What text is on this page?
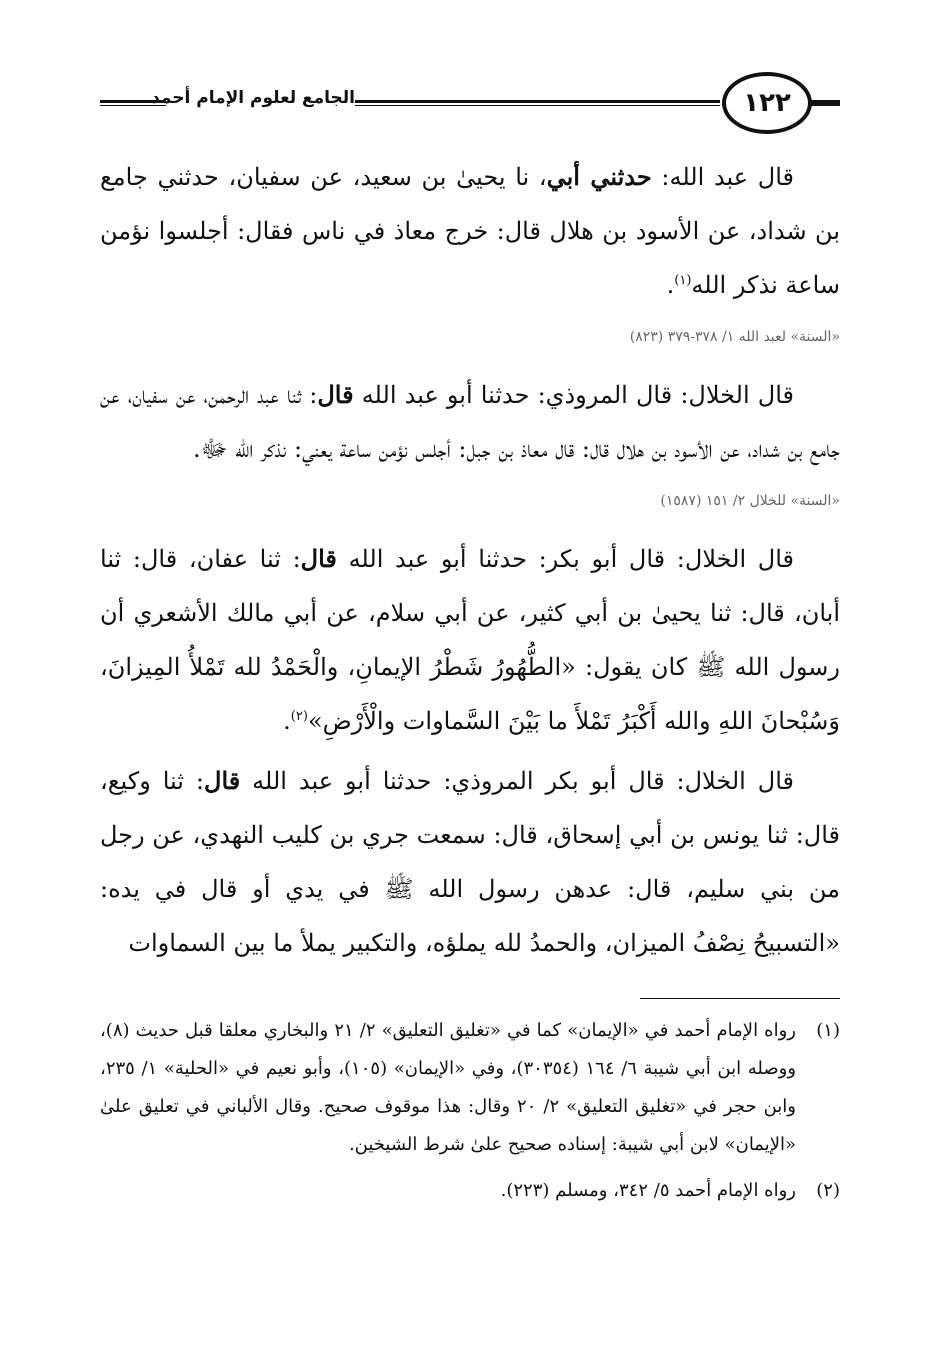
١٢٢
الجامع لعلوم الإمام أحمد

قال عبد الله: حدثني أبي، نا يحيىٰ بن سعيد، عن سفيان، حدثني جامع بن شداد، عن الأسود بن هلال قال: خرج معاذ في ناس فقال: أجلسوا نؤمن ساعة نذكر الله$^{(١)}$.

«السنة» لعبد الله ١/ ٣٧٨-٣٧٩ (٨٢٣)

قال الخلال: قال المروذي: حدثنا أبو عبد الله قال: ثنا عبد الرحمن، عن سفيان، عن جامع بن شداد، عن الأسود بن هلال قال: قال معاذ بن جبل: أجلس نؤمن ساعة يعني: نذكر الله ﷻ.

«السنة» للخلال ٢/ ١٥١ (١٥٨٧)

قال الخلال: قال أبو بكر: حدثنا أبو عبد الله قال: ثنا عفان، قال: ثنا أبان، قال: ثنا يحيىٰ بن أبي كثير، عن أبي سلام، عن أبي مالك الأشعري أن رسول الله ﷺ كان يقول: «الطُّهُورُ شَطْرُ الإيمانِ، والْحَمْدُ لله تَمْلأُ المِيزانَ، وَسُبْحانَ اللهِ والله أَكْبَرُ تَمْلأَ ما بَيْنَ السَّماوات والْأَرْضِ»$^{(٢)}$.

قال الخلال: قال أبو بكر المروذي: حدثنا أبو عبد الله قال: ثنا وكيع، قال: ثنا يونس بن أبي إسحاق، قال: سمعت جري بن كليب النهدي، عن رجل من بني سليم، قال: عدهن رسول الله ﷺ في يدي أو قال في يده: «التسبيحُ نِصْفُ الميزان، والحمدُ لله يملؤه، والتكبير يملأ ما بين السماوات

(١)
رواه الإمام أحمد في «الإيمان» كما في «تغليق التعليق» ٢/ ٢١ والبخاري معلقا قبل حديث (٨)، ووصله ابن أبي شيبة ٦/ ١٦٤ (٣٠٣٥٤)، وفي «الإيمان» (١٠٥)، وأبو نعيم في «الحلية» ١/ ٢٣٥، وابن حجر في «تغليق التعليق» ٢/ ٢٠ وقال: هذا موقوف صحيح. وقال الألباني في تعليق علىٰ «الإيمان» لابن أبي شيبة: إسناده صحيح علىٰ شرط الشيخين.
(٢)
رواه الإمام أحمد ٥/ ٣٤٢، ومسلم (٢٢٣).
